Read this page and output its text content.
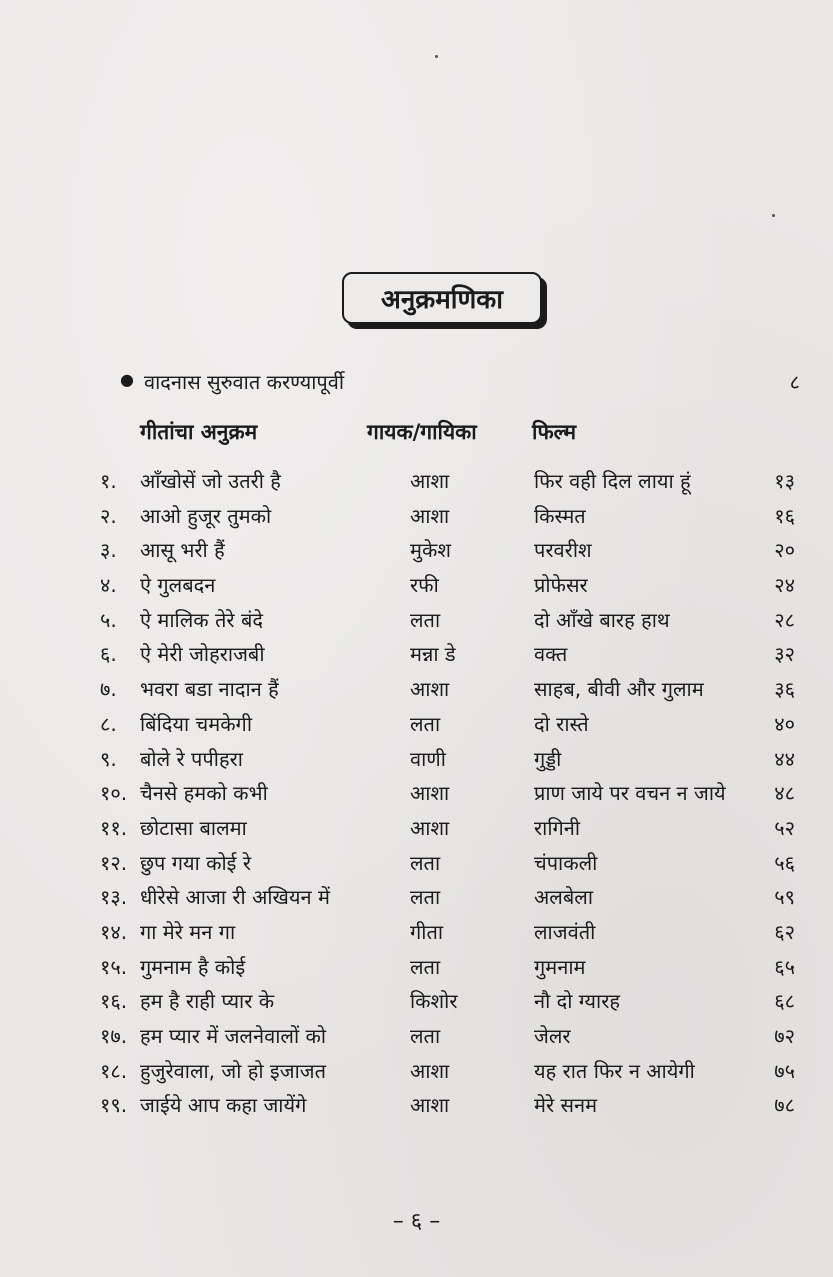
अनुक्रमणिका
● वादनास सुरुवात करण्यापूर्वी	८
गीतांचा अनुक्रम	गायक/गायिका	फिल्म
१. आँखोसें जो उतरी है	आशा	फिर वही दिल लाया हूं	१३
२. आओ हुजूर तुमको	आशा	किस्मत	१६
३. आसू भरी हैं	मुकेश	परवरीश	२०
४. ऐ गुलबदन	रफी	प्रोफेसर	२४
५. ऐ मालिक तेरे बंदे	लता	दो आँखे बारह हाथ	२८
६. ऐ मेरी जोहराजबी	मन्ना डे	वक्त	३२
७. भवरा बडा नादान हैं	आशा	साहब, बीवी और गुलाम	३६
८. बिंदिया चमकेगी	लता	दो रास्ते	४०
९. बोले रे पपीहरा	वाणी	गुड्डी	४४
१०. चैनसे हमको कभी	आशा	प्राण जाये पर वचन न जाये ४८
११. छोटासा बालमा	आशा	रागिनी	५२
१२. छुप गया कोई रे	लता	चंपाकली	५६
१३. धीरेसे आजा री अखियन में	लता	अलबेला	५९
१४. गा मेरे मन गा	गीता	लाजवंती	६२
१५. गुमनाम है कोई	लता	गुमनाम	६५
१६. हम है राही प्यार के	किशोर	नौ दो ग्यारह	६८
१७. हम प्यार में जलनेवालों को	लता	जेलर	७२
१८. हुजुरेवाला, जो हो इजाजत	आशा	यह रात फिर न आयेगी	७५
१९. जाईये आप कहा जायेंगे	आशा	मेरे सनम	७८
– ६ –
